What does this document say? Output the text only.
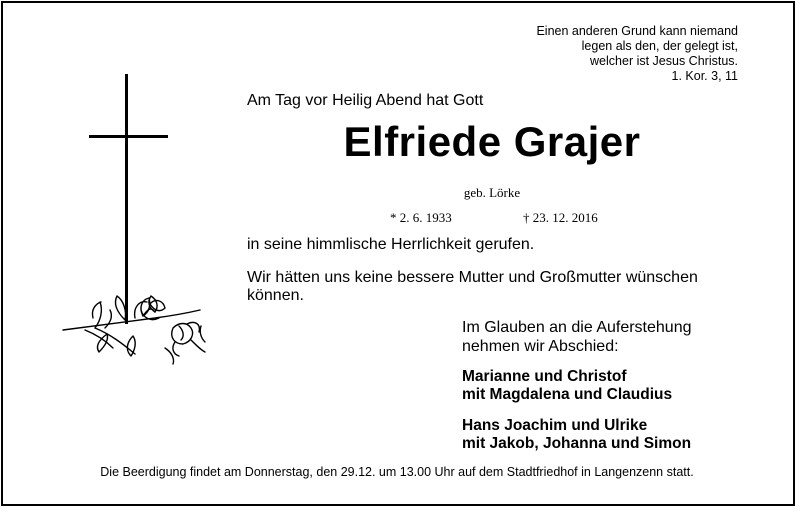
Einen anderen Grund kann niemand
legen als den, der gelegt ist,
welcher ist Jesus Christus.
1. Kor. 3, 11
Am Tag vor Heilig Abend hat Gott
Elfriede Grajer
geb. Lörke
* 2. 6. 1933	† 23. 12. 2016
in seine himmlische Herrlichkeit gerufen.
Wir hätten uns keine bessere Mutter und Großmutter wünschen können.
Im Glauben an die Auferstehung
nehmen wir Abschied:
Marianne und Christof
mit Magdalena und Claudius
Hans Joachim und Ulrike
mit Jakob, Johanna und Simon
Die Beerdigung findet am Donnerstag, den 29.12. um 13.00 Uhr auf dem Stadtfriedhof in Langenzenn statt.
